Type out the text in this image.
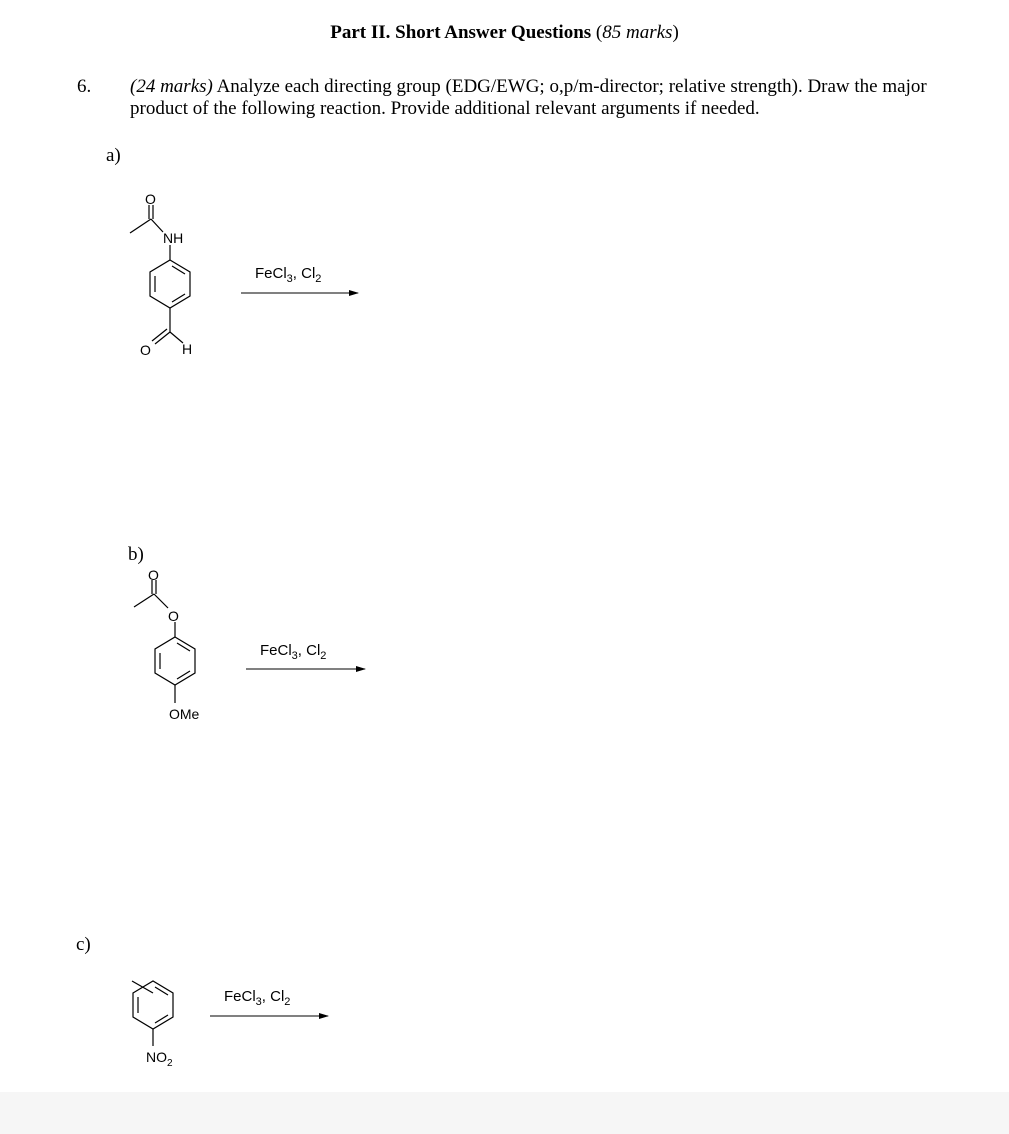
Part II. Short Answer Questions (85 marks)
6. (24 marks) Analyze each directing group (EDG/EWG; o,p/m-director; relative strength). Draw the major product of the following reaction. Provide additional relevant arguments if needed.
a)
b)
c)
O
NH
O H
FeCl$_3$, $Cl_2$
O
O
OMe
FeCl$_3$, $Cl_2$
$NO_2$
FeCl$_3$, $Cl_2$
